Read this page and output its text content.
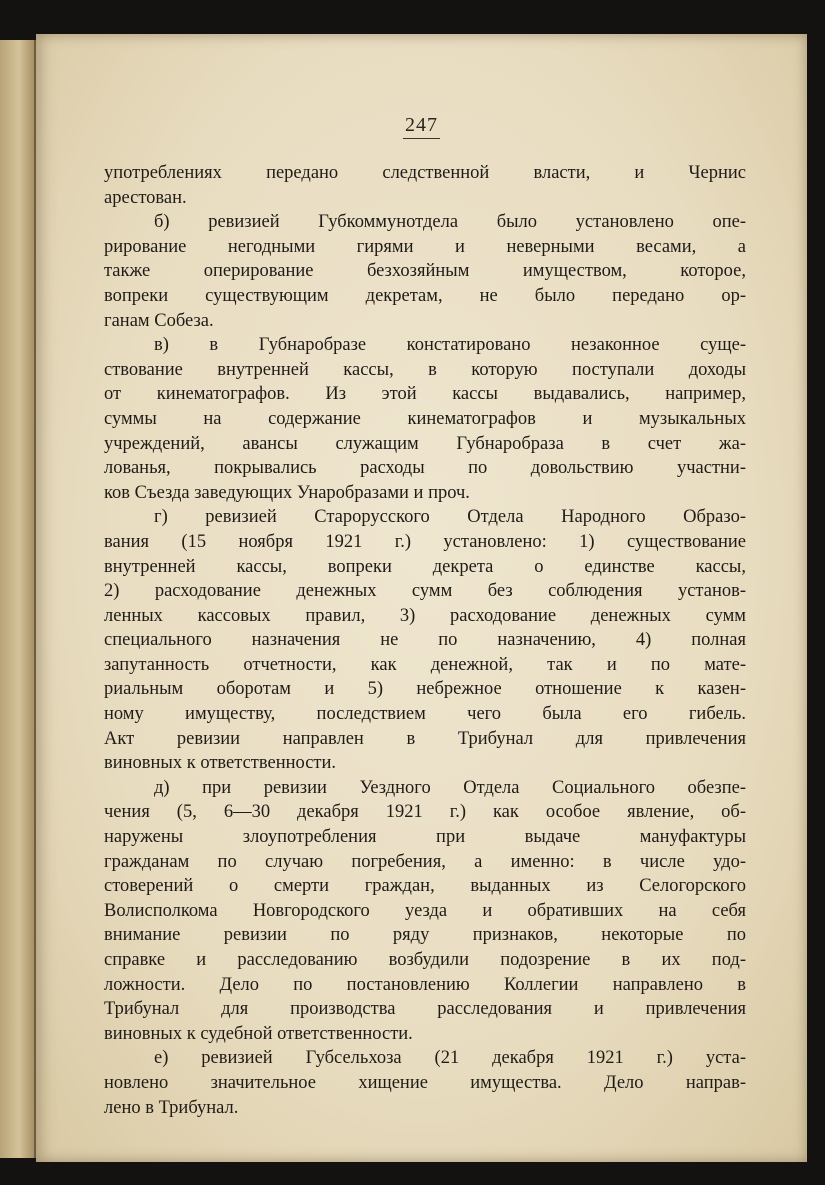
247
употреблениях передано следственной власти, и Чернис
арестован.
б) ревизией Губкоммунотдела было установлено опе-
рирование негодными гирями и неверными весами, а
также оперирование безхозяйным имуществом, которое,
вопреки существующим декретам, не было передано ор-
ганам Собеза.
в) в Губнаробразе констатировано незаконное суще-
ствование внутренней кассы, в которую поступали доходы
от кинематографов. Из этой кассы выдавались, например,
суммы на содержание кинематографов и музыкальных
учреждений, авансы служащим Губнаробраза в счет жа-
лованья, покрывались расходы по довольствию участни-
ков Съезда заведующих Унаробразами и проч.
г) ревизией Старорусского Отдела Народного Образо-
вания (15 ноября 1921 г.) установлено: 1) существование
внутренней кассы, вопреки декрета о единстве кассы,
2) расходование денежных сумм без соблюдения установ-
ленных кассовых правил, 3) расходование денежных сумм
специального назначения не по назначению, 4) полная
запутанность отчетности, как денежной, так и по мате-
риальным оборотам и 5) небрежное отношение к казен-
ному имуществу, последствием чего была его гибель.
Акт ревизии направлен в Трибунал для привлечения
виновных к ответственности.
д) при ревизии Уездного Отдела Социального обезпе-
чения (5, 6—30 декабря 1921 г.) как особое явление, об-
наружены злоупотребления при выдаче мануфактуры
гражданам по случаю погребения, а именно: в числе удо-
стоверений о смерти граждан, выданных из Селогорского
Волисполкома Новгородского уезда и обративших на себя
внимание ревизии по ряду признаков, некоторые по
справке и расследованию возбудили подозрение в их под-
ложности. Дело по постановлению Коллегии направлено в
Трибунал для производства расследования и привлечения
виновных к судебной ответственности.
е) ревизией Губсельхоза (21 декабря 1921 г.) уста-
новлено значительное хищение имущества. Дело направ-
лено в Трибунал.
